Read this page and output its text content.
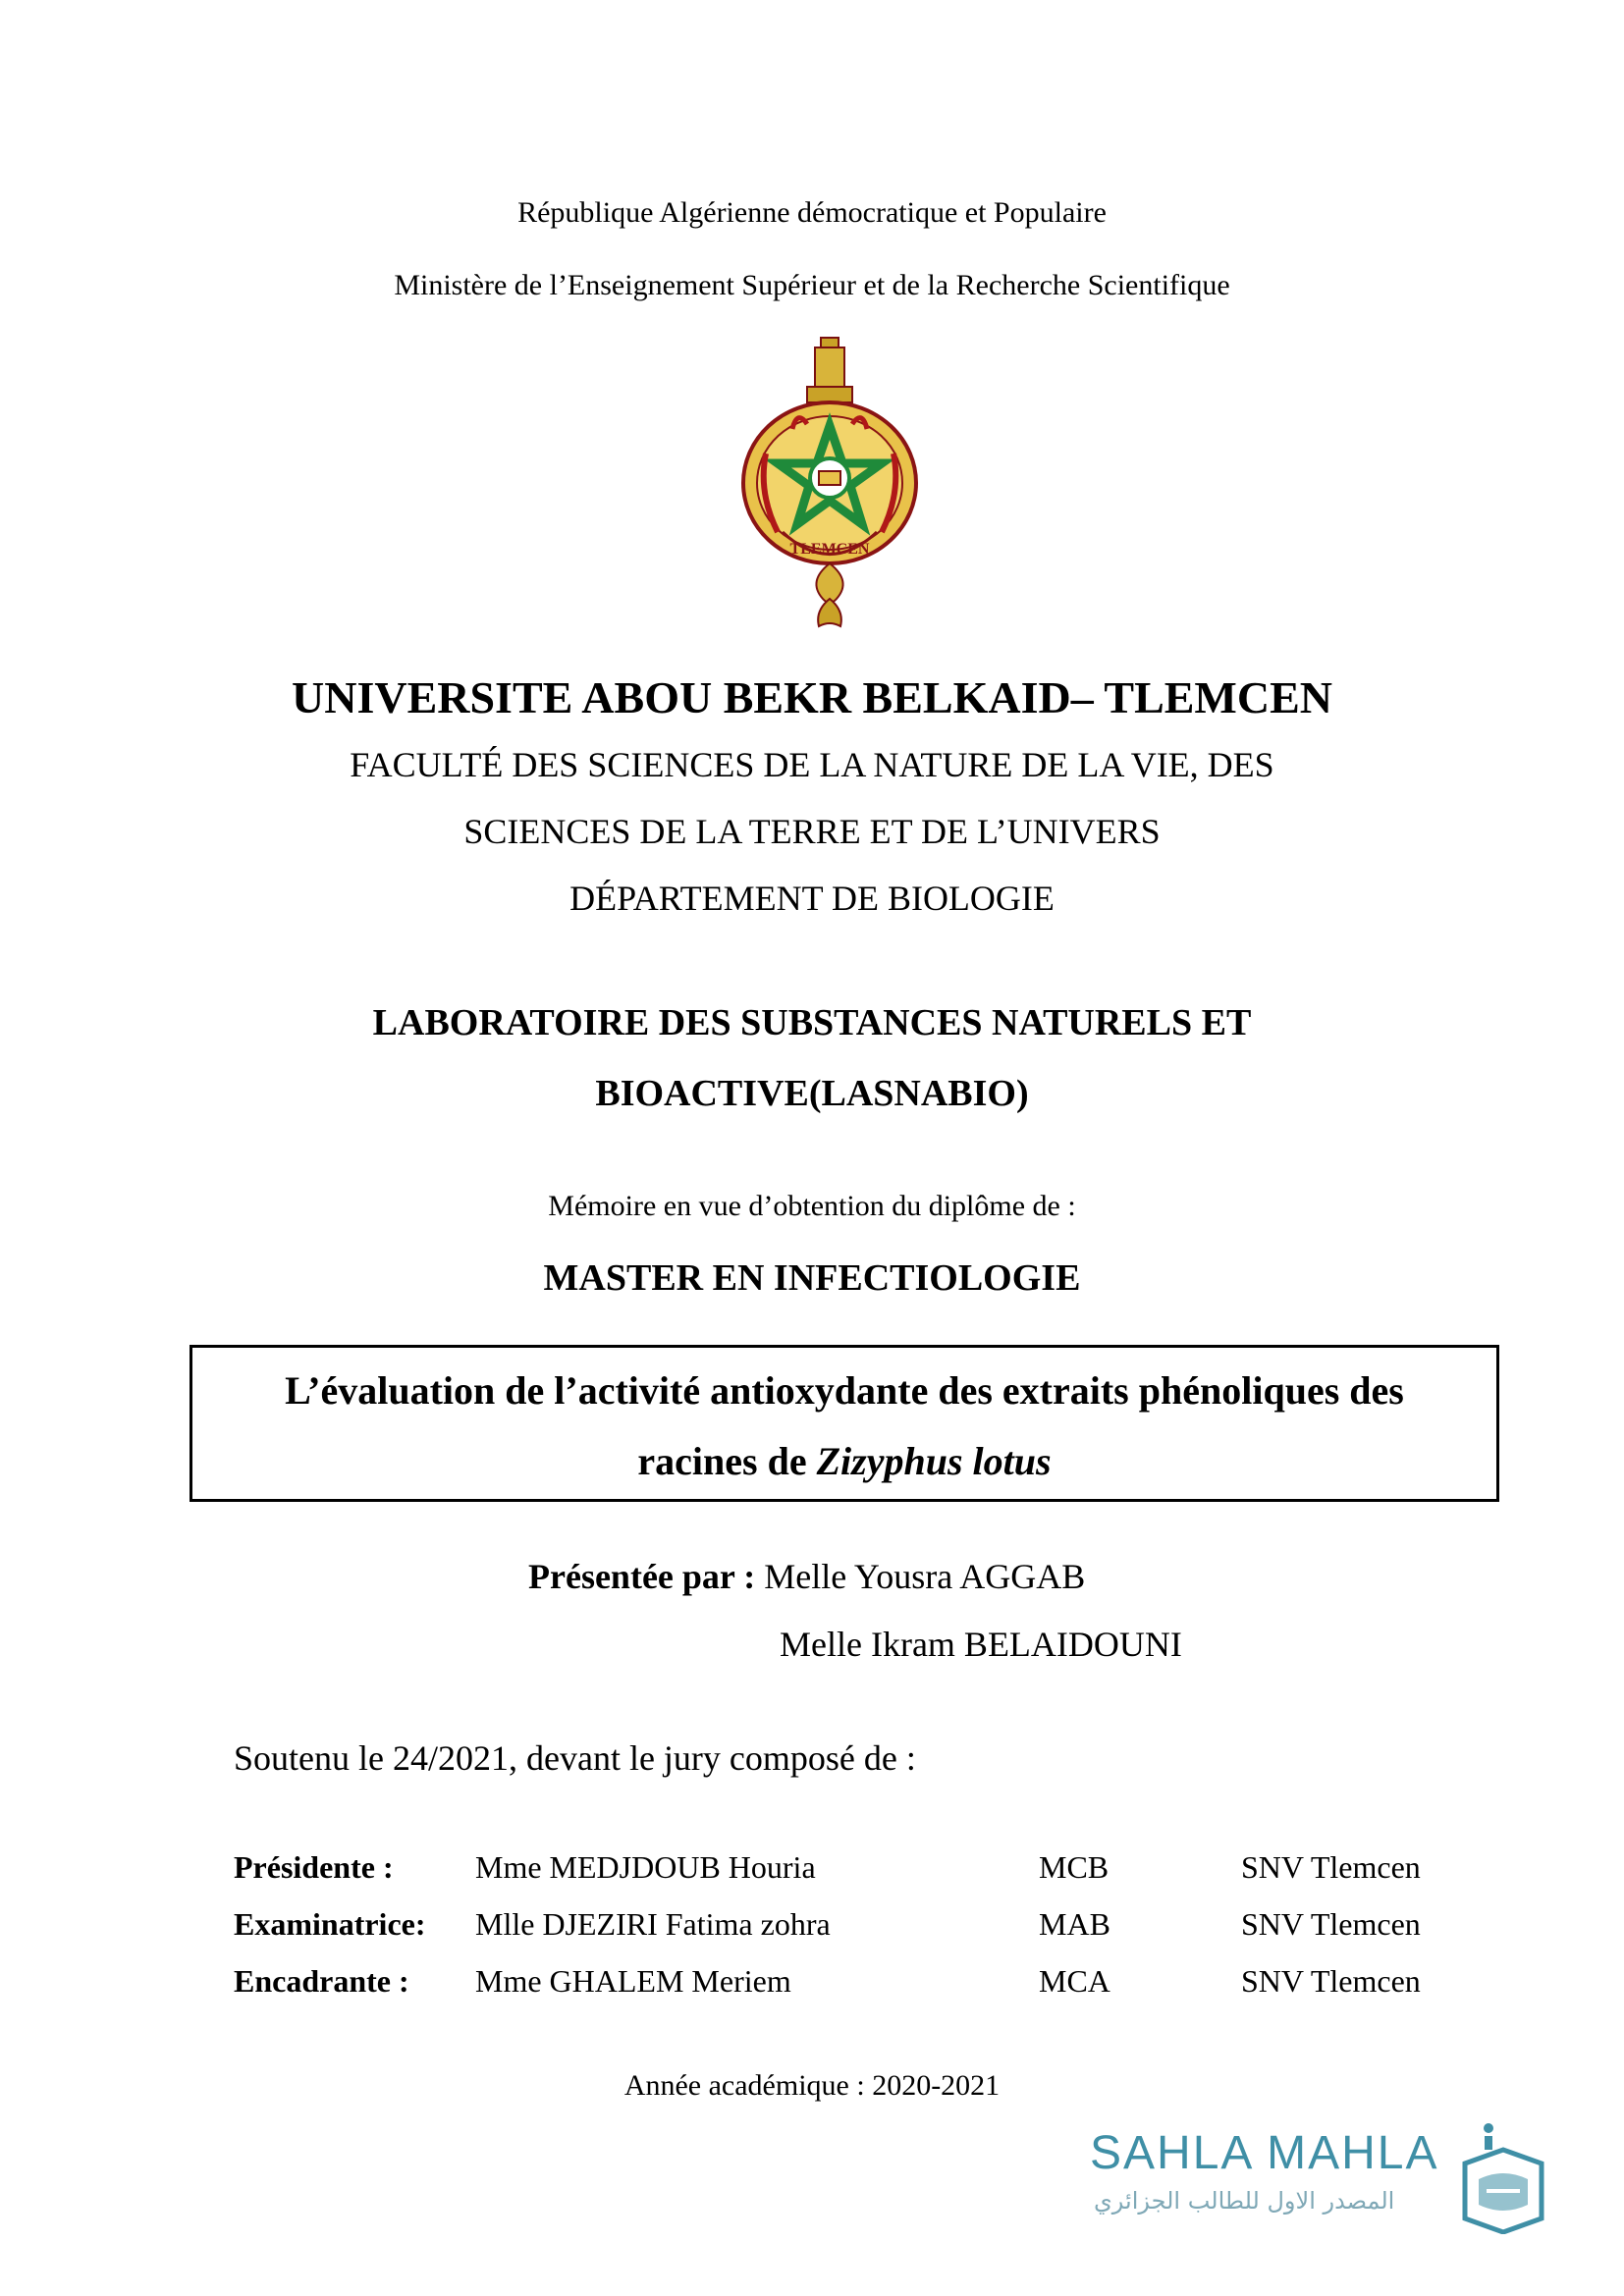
République Algérienne démocratique et Populaire
Ministère de l’Enseignement Supérieur et de la Recherche Scientifique
TLEMCEN
UNIVERSITE ABOU BEKR BELKAID– TLEMCEN
FACULTÉ DES SCIENCES DE LA NATURE DE LA VIE, DES
SCIENCES DE LA TERRE ET DE L’UNIVERS
DÉPARTEMENT DE BIOLOGIE
LABORATOIRE DES SUBSTANCES NATURELS ET
BIOACTIVE(LASNABIO)
Mémoire en vue d’obtention du diplôme de :
MASTER EN INFECTIOLOGIE
L’évaluation de l’activité antioxydante des extraits phénoliques des
racines de Zizyphus lotus
Présentée par : Melle Yousra AGGAB
Melle Ikram BELAIDOUNI
Soutenu le 24/2021, devant le jury composé de :
Présidente :	Mme MEDJDOUB Houria	MCB	SNV Tlemcen
Examinatrice: Mlle DJEZIRI Fatima zohra	MAB	SNV Tlemcen
Encadrante : Mme GHALEM Meriem	MCA	SNV Tlemcen
Année académique : 2020-2021
SAHLA MAHLA
المصدر الاول للطالب الجزائري
